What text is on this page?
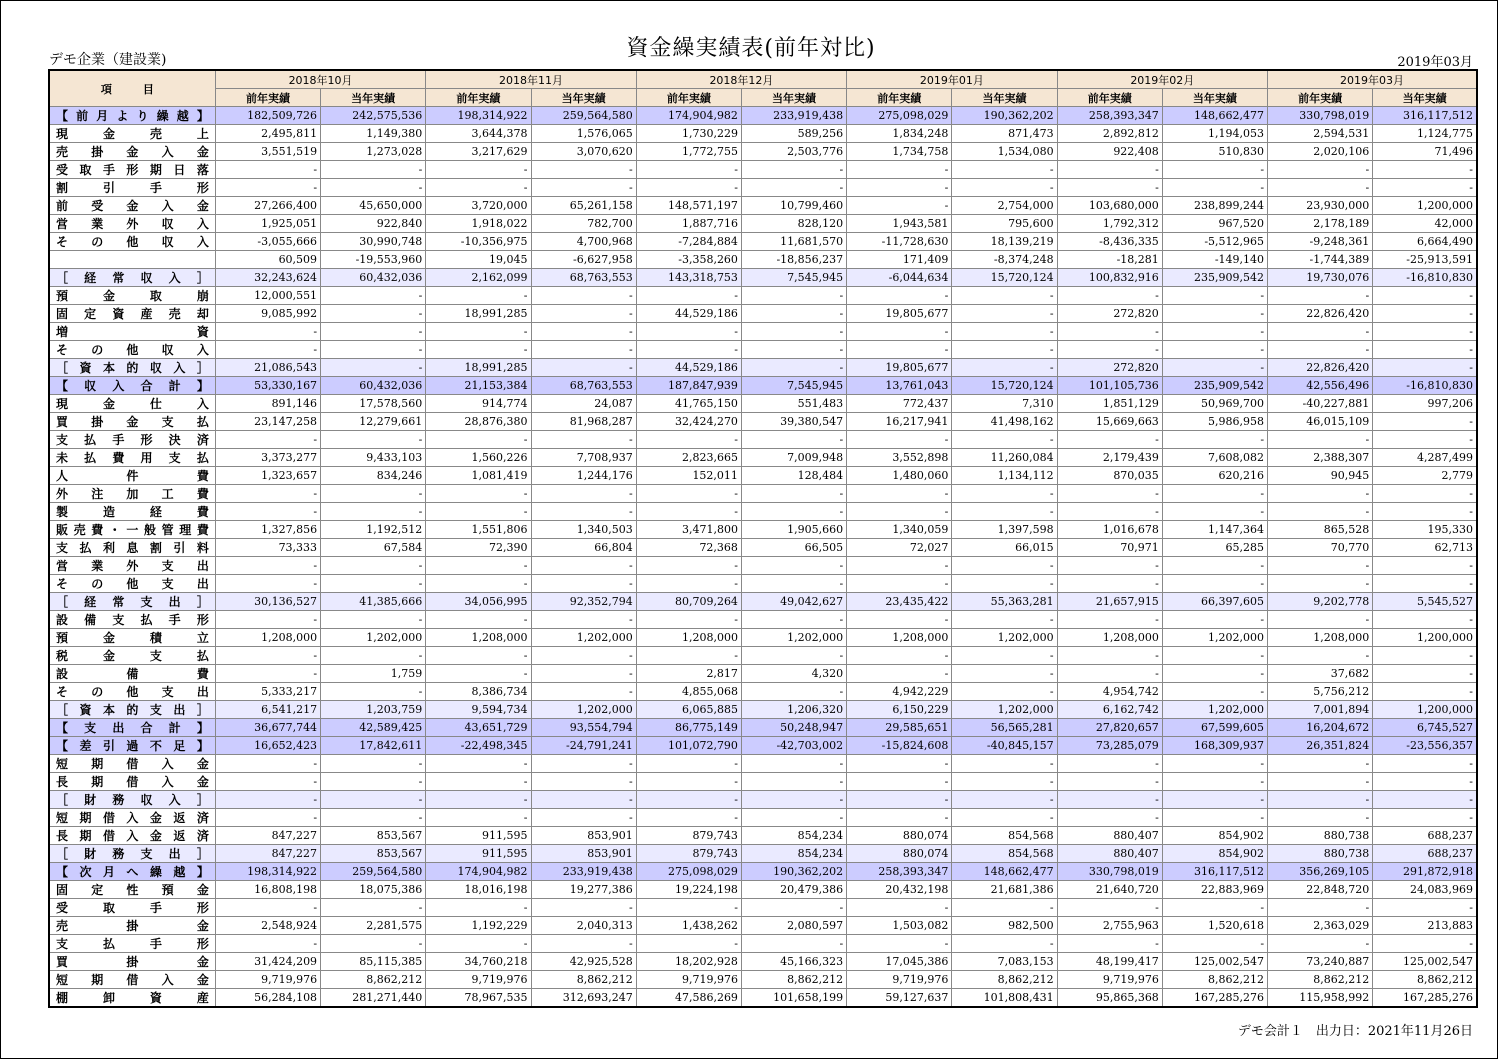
資金繰実績表(前年対比)
デモ企業（建設業)	2019年03月
項　目	2018年10月		2018年11月		2018年12月		2019年01月		2019年02月		2019年03月	
	前年実績	当年実績	前年実績	当年実績	前年実績	当年実績	前年実績	当年実績	前年実績	当年実績	前年実績	当年実績
【前月より繰越】	182,509,726	242,575,536	198,314,922	259,564,580	174,904,982	233,919,438	275,098,029	190,362,202	258,393,347	148,662,477	330,798,019	316,117,512
現金売上	2,495,811	1,149,380	3,644,378	1,576,065	1,730,229	589,256	1,834,248	871,473	2,892,812	1,194,053	2,594,531	1,124,775
売掛金入金	3,551,519	1,273,028	3,217,629	3,070,620	1,772,755	2,503,776	1,734,758	1,534,080	922,408	510,830	2,020,106	71,496
受取手形期日落	-	-	-	-	-	-	-	-	-	-	-	-
割引手形	-	-	-	-	-	-	-	-	-	-	-	-
前受金入金	27,266,400	45,650,000	3,720,000	65,261,158	148,571,197	10,799,460	-	2,754,000	103,680,000	238,899,244	23,930,000	1,200,000
営業外収入	1,925,051	922,840	1,918,022	782,700	1,887,716	828,120	1,943,581	795,600	1,792,312	967,520	2,178,189	42,000
その他収入	-3,055,666	30,990,748	-10,356,975	4,700,968	-7,284,884	11,681,570	-11,728,630	18,139,219	-8,436,335	-5,512,965	-9,248,361	6,664,490
	60,509	-19,553,960	19,045	-6,627,958	-3,358,260	-18,856,237	171,409	-8,374,248	-18,281	-149,140	-1,744,389	-25,913,591
［経常収入］	32,243,624	60,432,036	2,162,099	68,763,553	143,318,753	7,545,945	-6,044,634	15,720,124	100,832,916	235,909,542	19,730,076	-16,810,830
預金取崩	12,000,551	-	-	-	-	-	-	-	-	-	-	-
固定資産売却	9,085,992	-	18,991,285	-	44,529,186	-	19,805,677	-	272,820	-	22,826,420	-
増資	-	-	-	-	-	-	-	-	-	-	-	-
その他収入	-	-	-	-	-	-	-	-	-	-	-	-
［資本的収入］	21,086,543	-	18,991,285	-	44,529,186	-	19,805,677	-	272,820	-	22,826,420	-
【収入合計】	53,330,167	60,432,036	21,153,384	68,763,553	187,847,939	7,545,945	13,761,043	15,720,124	101,105,736	235,909,542	42,556,496	-16,810,830
現金仕入	891,146	17,578,560	914,774	24,087	41,765,150	551,483	772,437	7,310	1,851,129	50,969,700	-40,227,881	997,206
買掛金支払	23,147,258	12,279,661	28,876,380	81,968,287	32,424,270	39,380,547	16,217,941	41,498,162	15,669,663	5,986,958	46,015,109	-
支払手形決済	-	-	-	-	-	-	-	-	-	-	-	-
未払費用支払	3,373,277	9,433,103	1,560,226	7,708,937	2,823,665	7,009,948	3,552,898	11,260,084	2,179,439	7,608,082	2,388,307	4,287,499
人件費	1,323,657	834,246	1,081,419	1,244,176	152,011	128,484	1,480,060	1,134,112	870,035	620,216	90,945	2,779
外注加工費	-	-	-	-	-	-	-	-	-	-	-	-
製造経費	-	-	-	-	-	-	-	-	-	-	-	-
販売費・一般管理費	1,327,856	1,192,512	1,551,806	1,340,503	3,471,800	1,905,660	1,340,059	1,397,598	1,016,678	1,147,364	865,528	195,330
支払利息割引料	73,333	67,584	72,390	66,804	72,368	66,505	72,027	66,015	70,971	65,285	70,770	62,713
営業外支出	-	-	-	-	-	-	-	-	-	-	-	-
その他支出	-	-	-	-	-	-	-	-	-	-	-	-
［経常支出］	30,136,527	41,385,666	34,056,995	92,352,794	80,709,264	49,042,627	23,435,422	55,363,281	21,657,915	66,397,605	9,202,778	5,545,527
設備支払手形	-	-	-	-	-	-	-	-	-	-	-	-
預金積立	1,208,000	1,202,000	1,208,000	1,202,000	1,208,000	1,202,000	1,208,000	1,202,000	1,208,000	1,202,000	1,208,000	1,200,000
税金支払	-	-	-	-	-	-	-	-	-	-	-	-
設備費	-	1,759	-	-	2,817	4,320	-	-	-	-	37,682	-
その他支出	5,333,217	-	8,386,734	-	4,855,068	-	4,942,229	-	4,954,742	-	5,756,212	-
［資本的支出］	6,541,217	1,203,759	9,594,734	1,202,000	6,065,885	1,206,320	6,150,229	1,202,000	6,162,742	1,202,000	7,001,894	1,200,000
【支出合計】	36,677,744	42,589,425	43,651,729	93,554,794	86,775,149	50,248,947	29,585,651	56,565,281	27,820,657	67,599,605	16,204,672	6,745,527
【差引過不足】	16,652,423	17,842,611	-22,498,345	-24,791,241	101,072,790	-42,703,002	-15,824,608	-40,845,157	73,285,079	168,309,937	26,351,824	-23,556,357
短期借入金	-	-	-	-	-	-	-	-	-	-	-	-
長期借入金	-	-	-	-	-	-	-	-	-	-	-	-
［財務収入］	-	-	-	-	-	-	-	-	-	-	-	-
短期借入金返済	-	-	-	-	-	-	-	-	-	-	-	-
長期借入金返済	847,227	853,567	911,595	853,901	879,743	854,234	880,074	854,568	880,407	854,902	880,738	688,237
［財務支出］	847,227	853,567	911,595	853,901	879,743	854,234	880,074	854,568	880,407	854,902	880,738	688,237
【次月へ繰越】	198,314,922	259,564,580	174,904,982	233,919,438	275,098,029	190,362,202	258,393,347	148,662,477	330,798,019	316,117,512	356,269,105	291,872,918
固定性預金	16,808,198	18,075,386	18,016,198	19,277,386	19,224,198	20,479,386	20,432,198	21,681,386	21,640,720	22,883,969	22,848,720	24,083,969
受取手形	-	-	-	-	-	-	-	-	-	-	-	-
売掛金	2,548,924	2,281,575	1,192,229	2,040,313	1,438,262	2,080,597	1,503,082	982,500	2,755,963	1,520,618	2,363,029	213,883
支払手形	-	-	-	-	-	-	-	-	-	-	-	-
買掛金	31,424,209	85,115,385	34,760,218	42,925,528	18,202,928	45,166,323	17,045,386	7,083,153	48,199,417	125,002,547	73,240,887	125,002,547
短期借入金	9,719,976	8,862,212	9,719,976	8,862,212	9,719,976	8,862,212	9,719,976	8,862,212	9,719,976	8,862,212	8,862,212	8,862,212
棚卸資産	56,284,108	281,271,440	78,967,535	312,693,247	47,586,269	101,658,199	59,127,637	101,808,431	95,865,368	167,285,276	115,958,992	167,285,276
デモ会計１　出力日：2021年11月26日
